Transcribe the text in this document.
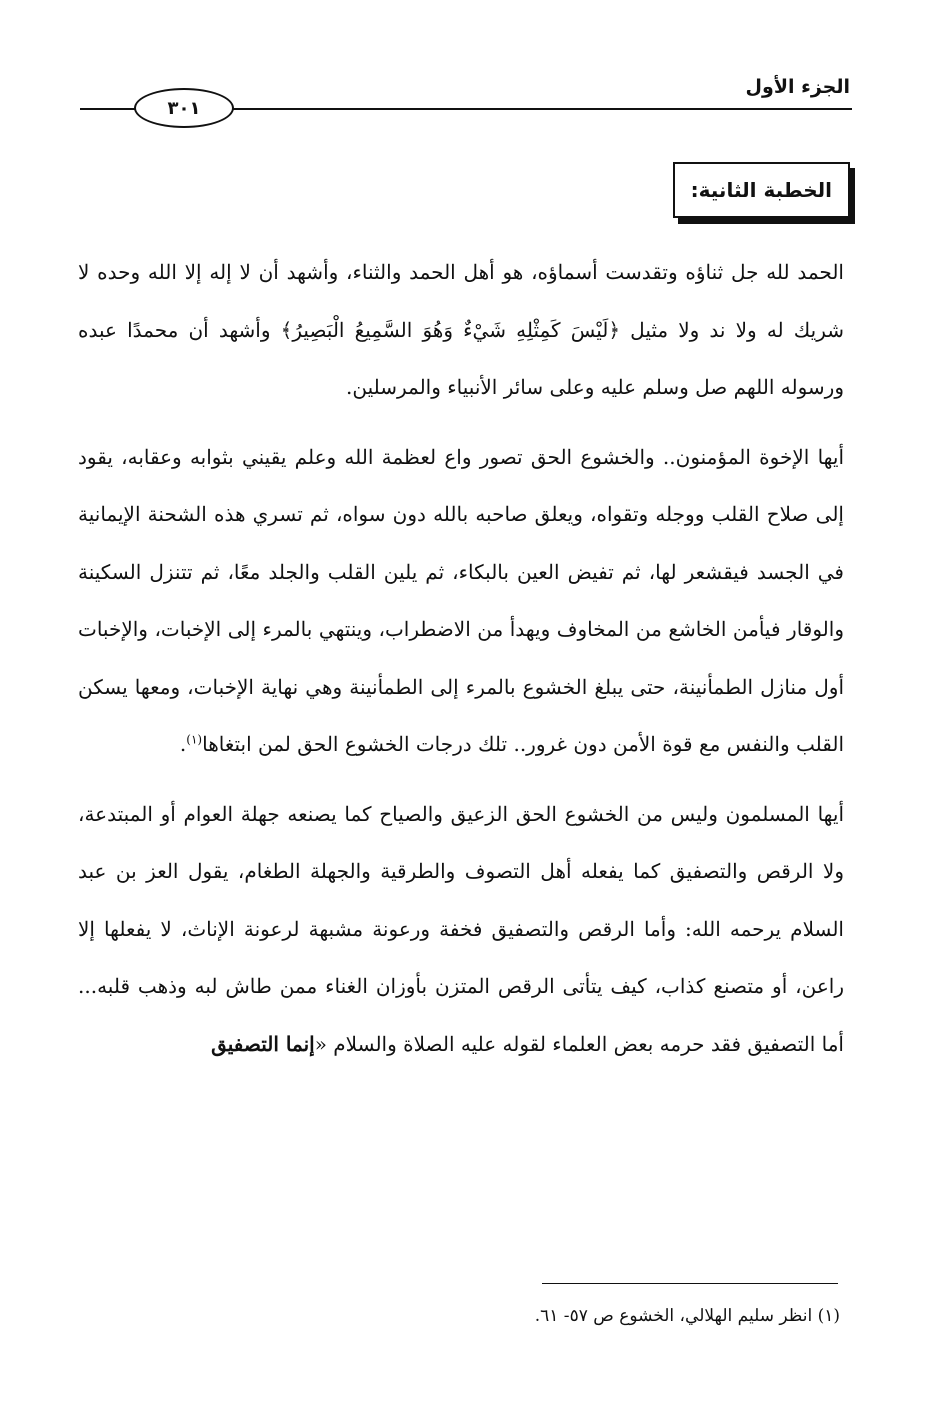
الجزء الأول
٣٠١
الخطبة الثانية:

الحمد لله جل ثناؤه وتقدست أسماؤه، هو أهل الحمد والثناء، وأشهد أن لا إله إلا الله وحده لا شريك له ولا ند ولا مثيل ﴿لَيْسَ كَمِثْلِهِ شَيْءٌ وَهُوَ السَّمِيعُ الْبَصِيرُ﴾ وأشهد أن محمدًا عبده ورسوله اللهم صل وسلم عليه وعلى سائر الأنبياء والمرسلين.

أيها الإخوة المؤمنون.. والخشوع الحق تصور واع لعظمة الله وعلم يقيني بثوابه وعقابه، يقود إلى صلاح القلب ووجله وتقواه، ويعلق صاحبه بالله دون سواه، ثم تسري هذه الشحنة الإيمانية في الجسد فيقشعر لها، ثم تفيض العين بالبكاء، ثم يلين القلب والجلد معًا، ثم تتنزل السكينة والوقار فيأمن الخاشع من المخاوف ويهدأ من الاضطراب، وينتهي بالمرء إلى الإخبات، والإخبات أول منازل الطمأنينة، حتى يبلغ الخشوع بالمرء إلى الطمأنينة وهي نهاية الإخبات، ومعها يسكن القلب والنفس مع قوة الأمن دون غرور.. تلك درجات الخشوع الحق لمن ابتغاها$^{(١)}$.

أيها المسلمون وليس من الخشوع الحق الزعيق والصياح كما يصنعه جهلة العوام أو المبتدعة، ولا الرقص والتصفيق كما يفعله أهل التصوف والطرقية والجهلة الطغام، يقول العز بن عبد السلام يرحمه الله: وأما الرقص والتصفيق فخفة ورعونة مشبهة لرعونة الإناث، لا يفعلها إلا راعن، أو متصنع كذاب، كيف يتأتى الرقص المتزن بأوزان الغناء ممن طاش لبه وذهب قلبه... أما التصفيق فقد حرمه بعض العلماء لقوله عليه الصلاة والسلام «إنما التصفيق

(١) انظر سليم الهلالي، الخشوع ص ٥٧- ٦١.
